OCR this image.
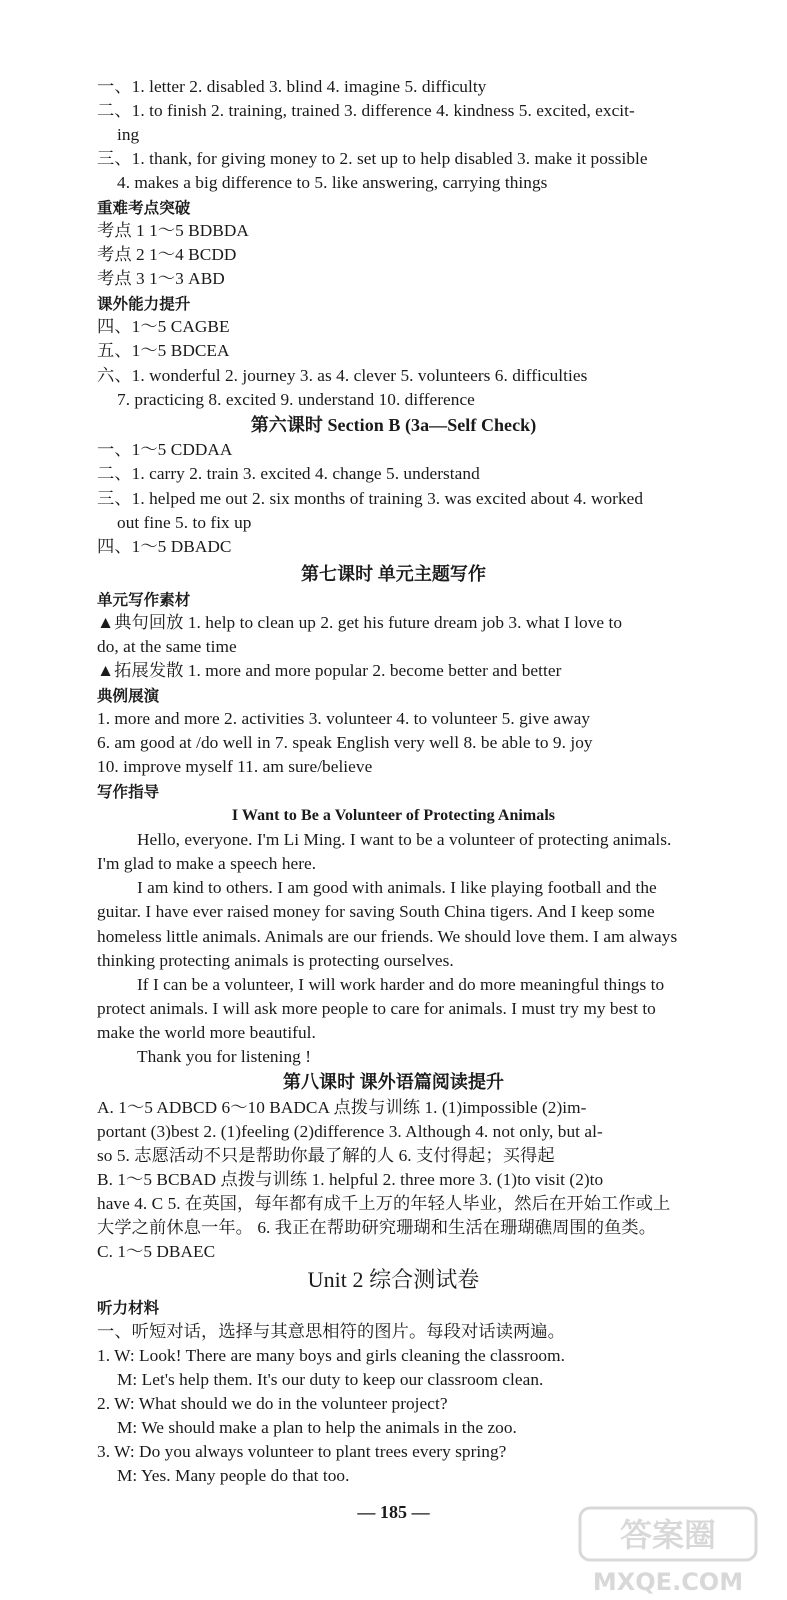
一、1. letter 2. disabled 3. blind 4. imagine 5. difficulty
二、1. to finish 2. training, trained 3. difference 4. kindness 5. excited, excit-
ing
三、1. thank, for giving money to 2. set up to help disabled 3. make it possible
4. makes a big difference to 5. like answering, carrying things
重难考点突破
考点 1 1～5 BDBDA
考点 2 1～4 BCDD
考点 3 1～3 ABD
课外能力提升
四、1～5 CAGBE
五、1～5 BDCEA
六、1. wonderful 2. journey 3. as 4. clever 5. volunteers 6. difficulties
7. practicing 8. excited 9. understand 10. difference
第六课时 Section B (3a—Self Check)
一、1～5 CDDAA
二、1. carry 2. train 3. excited 4. change 5. understand
三、1. helped me out 2. six months of training 3. was excited about 4. worked
out fine 5. to fix up
四、1～5 DBADC
第七课时 单元主题写作
单元写作素材
▲典句回放 1. help to clean up 2. get his future dream job 3. what I love to
do, at the same time
▲拓展发散 1. more and more popular 2. become better and better
典例展演
1. more and more 2. activities 3. volunteer 4. to volunteer 5. give away
6. am good at /do well in 7. speak English very well 8. be able to 9. joy
10. improve myself 11. am sure/believe
写作指导
I Want to Be a Volunteer of Protecting Animals
Hello, everyone. I'm Li Ming. I want to be a volunteer of protecting animals.
I'm glad to make a speech here.
I am kind to others. I am good with animals. I like playing football and the
guitar. I have ever raised money for saving South China tigers. And I keep some
homeless little animals. Animals are our friends. We should love them. I am always
thinking protecting animals is protecting ourselves.
If I can be a volunteer, I will work harder and do more meaningful things to
protect animals. I will ask more people to care for animals. I must try my best to
make the world more beautiful.
Thank you for listening !
第八课时 课外语篇阅读提升
A. 1～5 ADBCD 6～10 BADCA 点拨与训练 1. (1)impossible (2)im-
portant (3)best 2. (1)feeling (2)difference 3. Although 4. not only, but al-
so 5. 志愿活动不只是帮助你最了解的人 6. 支付得起；买得起
B. 1～5 BCBAD 点拨与训练 1. helpful 2. three more 3. (1)to visit (2)to
have 4. C 5. 在英国，每年都有成千上万的年轻人毕业，然后在开始工作或上
大学之前休息一年。 6. 我正在帮助研究珊瑚和生活在珊瑚礁周围的鱼类。
C. 1～5 DBAEC
Unit 2 综合测试卷
听力材料
一、听短对话，选择与其意思相符的图片。每段对话读两遍。
1. W: Look! There are many boys and girls cleaning the classroom.
M: Let's help them. It's our duty to keep our classroom clean.
2. W: What should we do in the volunteer project?
M: We should make a plan to help the animals in the zoo.
3. W: Do you always volunteer to plant trees every spring?
M: Yes. Many people do that too.
— 185 —
答案圈
MXQE.COM
